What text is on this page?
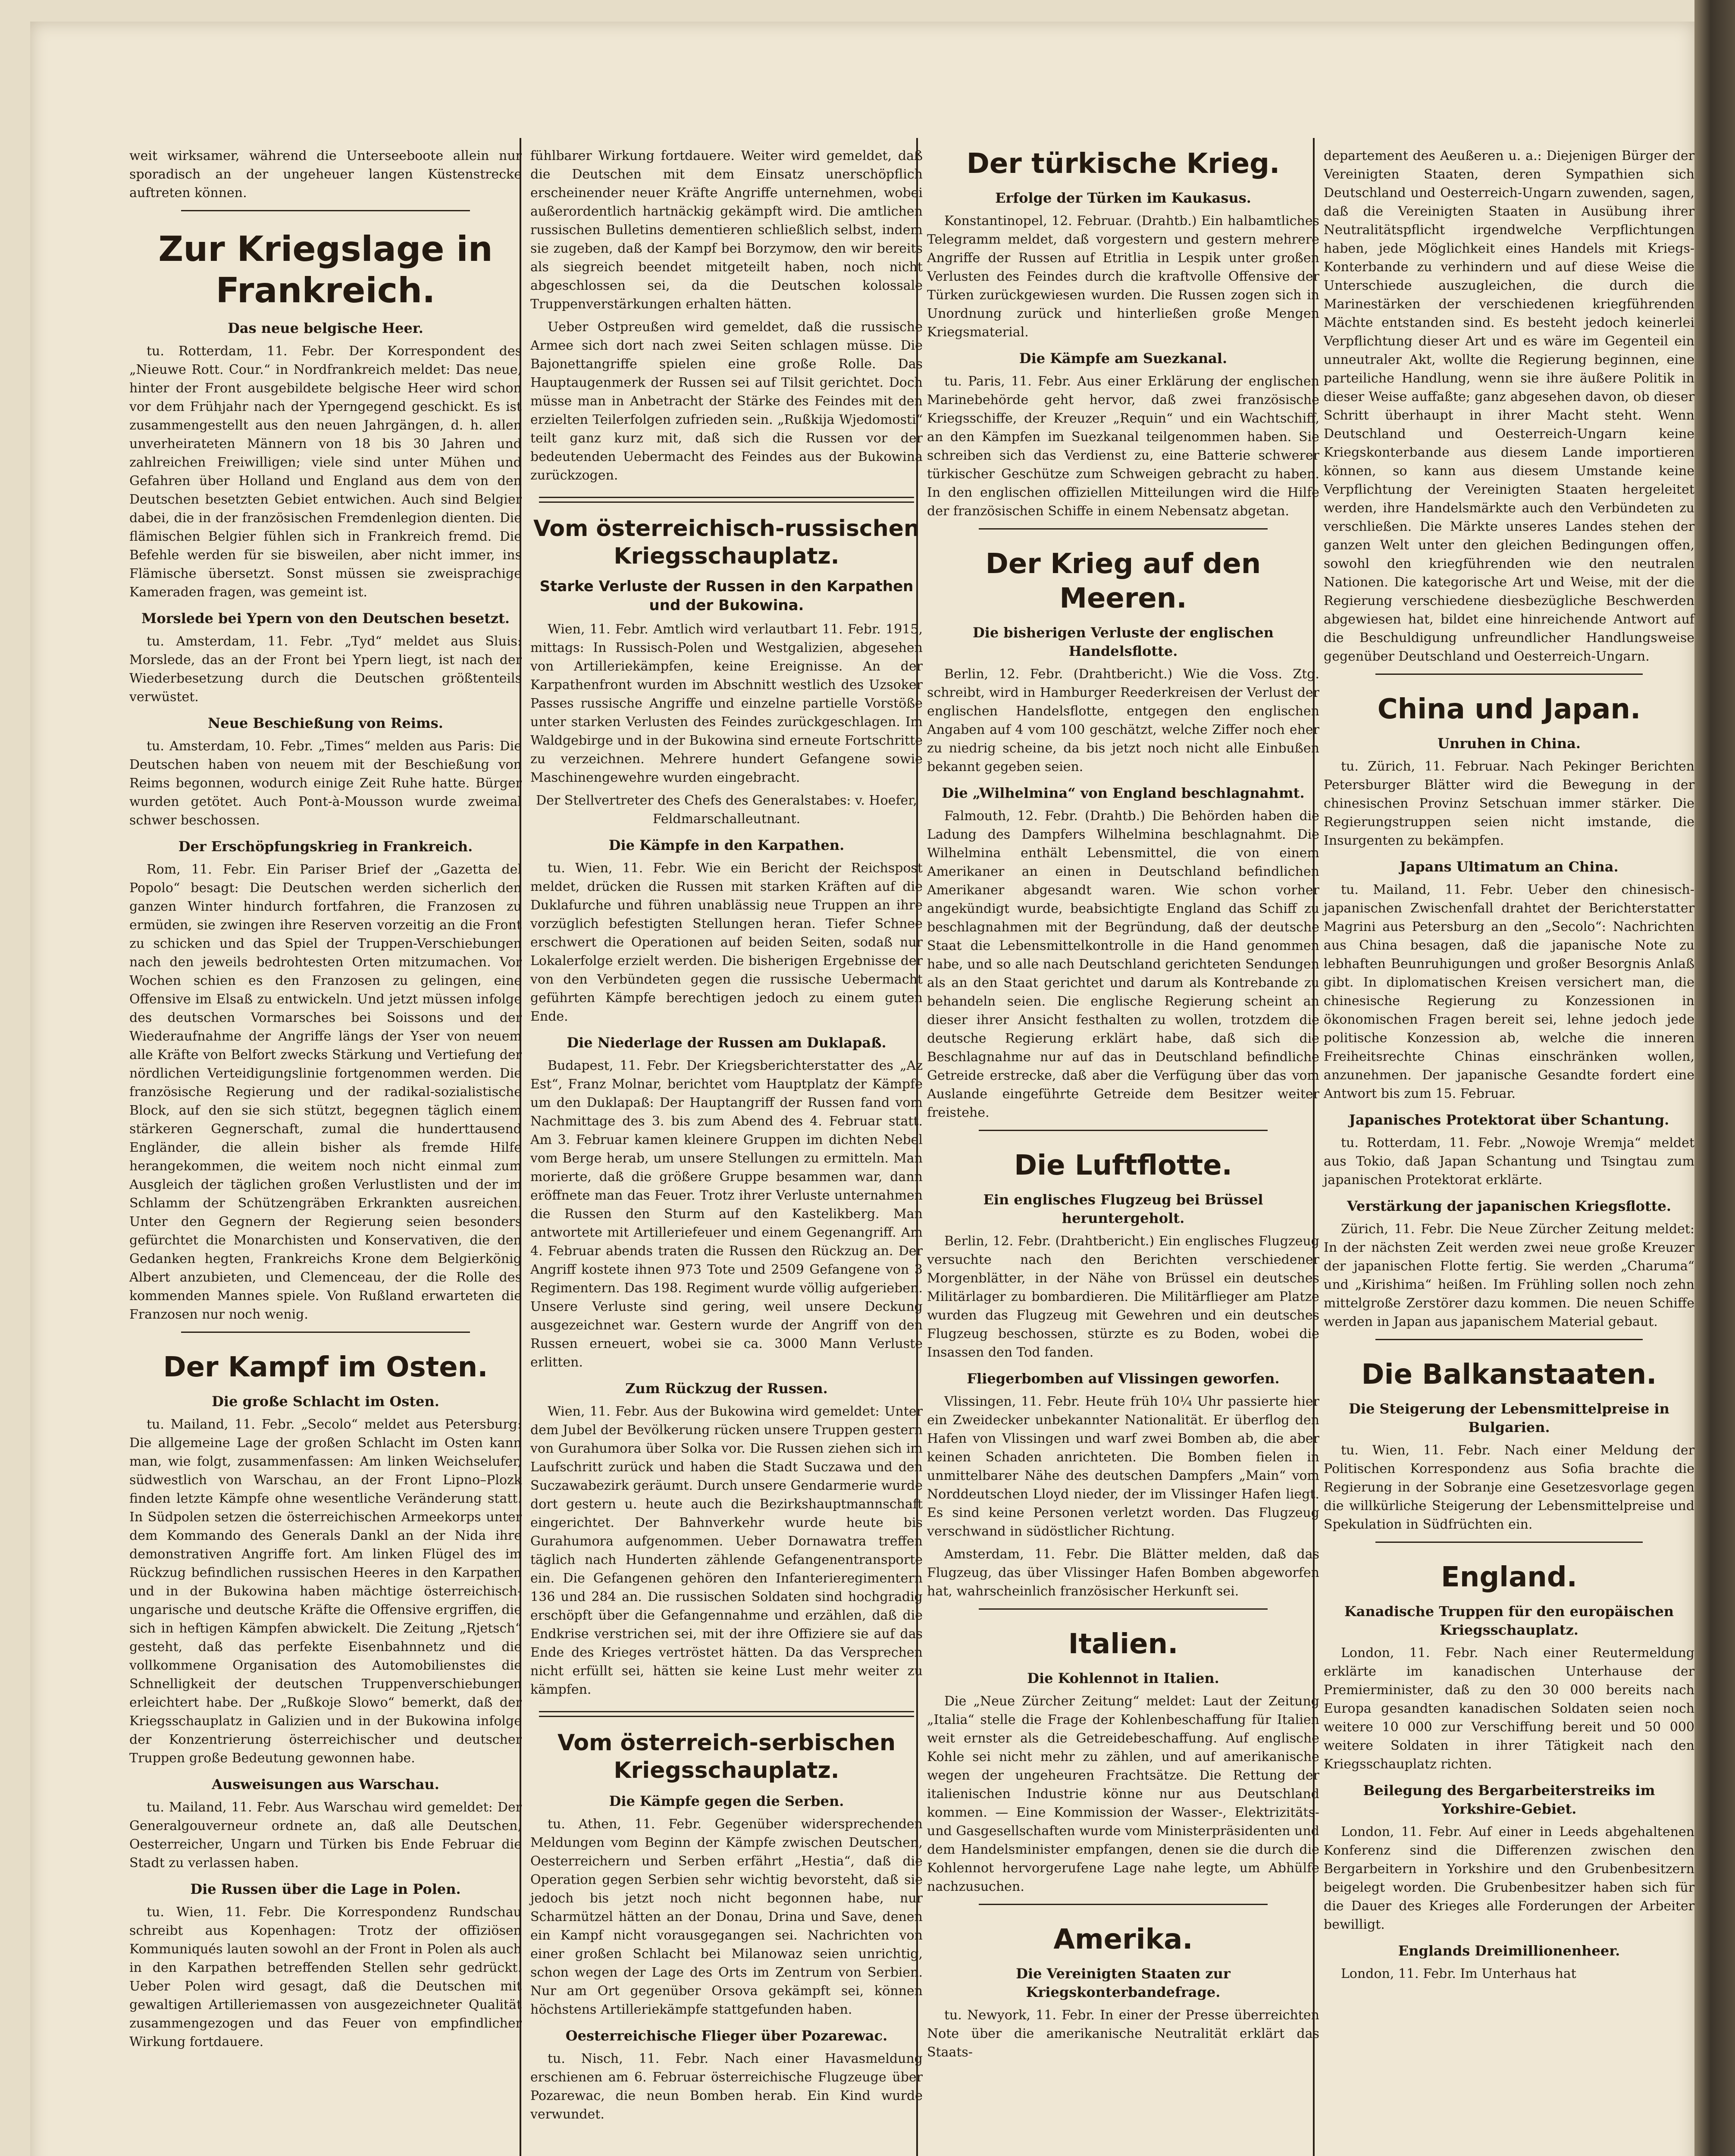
weit wirksamer, während die Unterseeboote allein nur sporadisch an der ungeheuer langen Küstenstrecke auftreten können.

Zur Kriegslage in Frankreich.
Das neue belgische Heer.

tu. Rotterdam, 11. Febr. Der Korrespondent des „Nieuwe Rott. Cour.“ in Nordfrankreich meldet: Das neue, hinter der Front ausgebildete belgische Heer wird schon vor dem Frühjahr nach der Yperngegend geschickt. Es ist zusammengestellt aus den neuen Jahrgängen, d. h. allen unverheirateten Männern von 18 bis 30 Jahren und zahlreichen Freiwilligen; viele sind unter Mühen und Gefahren über Holland und England aus dem von den Deutschen besetzten Gebiet entwichen. Auch sind Belgier dabei, die in der französischen Fremdenlegion dienten. Die flämischen Belgier fühlen sich in Frankreich fremd. Die Befehle werden für sie bisweilen, aber nicht immer, ins Flämische übersetzt. Sonst müssen sie zweisprachige Kameraden fragen, was gemeint ist.

Morslede bei Ypern von den Deutschen besetzt.

tu. Amsterdam, 11. Febr. „Tyd“ meldet aus Sluis: Morslede, das an der Front bei Ypern liegt, ist nach der Wiederbesetzung durch die Deutschen größtenteils verwüstet.

Neue Beschießung von Reims.

tu. Amsterdam, 10. Febr. „Times“ melden aus Paris: Die Deutschen haben von neuem mit der Beschießung von Reims begonnen, wodurch einige Zeit Ruhe hatte. Bürger wurden getötet. Auch Pont-à-Mousson wurde zweimal schwer beschossen.

Der Erschöpfungskrieg in Frankreich.

Rom, 11. Febr. Ein Pariser Brief der „Gazetta del Popolo“ besagt: Die Deutschen werden sicherlich den ganzen Winter hindurch fortfahren, die Franzosen zu ermüden, sie zwingen ihre Reserven vorzeitig an die Front zu schicken und das Spiel der Truppen-Verschiebungen nach den jeweils bedrohtesten Orten mitzumachen. Vor Wochen schien es den Franzosen zu gelingen, eine Offensive im Elsaß zu entwickeln. Und jetzt müssen infolge des deutschen Vormarsches bei Soissons und der Wiederaufnahme der Angriffe längs der Yser von neuem alle Kräfte von Belfort zwecks Stärkung und Vertiefung der nördlichen Verteidigungslinie fortgenommen werden. Die französische Regierung und der radikal-sozialistische Block, auf den sie sich stützt, begegnen täglich einem stärkeren Gegnerschaft, zumal die hunderttausend Engländer, die allein bisher als fremde Hilfe herangekommen, die weitem noch nicht einmal zum Ausgleich der täglichen großen Verlustlisten und der im Schlamm der Schützengräben Erkrankten ausreichen. Unter den Gegnern der Regierung seien besonders gefürchtet die Monarchisten und Konservativen, die den Gedanken hegten, Frankreichs Krone dem Belgierkönig Albert anzubieten, und Clemenceau, der die Rolle des kommenden Mannes spiele. Von Rußland erwarteten die Franzosen nur noch wenig.

Der Kampf im Osten.
Die große Schlacht im Osten.

tu. Mailand, 11. Febr. „Secolo“ meldet aus Petersburg: Die allgemeine Lage der großen Schlacht im Osten kann man, wie folgt, zusammenfassen: Am linken Weichselufer, südwestlich von Warschau, an der Front Lipno–Plozk finden letzte Kämpfe ohne wesentliche Veränderung statt. In Südpolen setzen die österreichischen Armeekorps unter dem Kommando des Generals Dankl an der Nida ihre demonstrativen Angriffe fort. Am linken Flügel des im Rückzug befindlichen russischen Heeres in den Karpathen und in der Bukowina haben mächtige österreichisch-ungarische und deutsche Kräfte die Offensive ergriffen, die sich in heftigen Kämpfen abwickelt. Die Zeitung „Rjetsch“ gesteht, daß das perfekte Eisenbahnnetz und die vollkommene Organisation des Automobilienstes die Schnelligkeit der deutschen Truppenverschiebungen erleichtert habe. Der „Rußkoje Slowo“ bemerkt, daß der Kriegsschauplatz in Galizien und in der Bukowina infolge der Konzentrierung österreichischer und deutscher Truppen große Bedeutung gewonnen habe.

Ausweisungen aus Warschau.

tu. Mailand, 11. Febr. Aus Warschau wird gemeldet: Der Generalgouverneur ordnete an, daß alle Deutschen, Oesterreicher, Ungarn und Türken bis Ende Februar die Stadt zu verlassen haben.

Die Russen über die Lage in Polen.

tu. Wien, 11. Febr. Die Korrespondenz Rundschau schreibt aus Kopenhagen: Trotz der offiziösen Kommuniqués lauten sowohl an der Front in Polen als auch in den Karpathen betreffenden Stellen sehr gedrückt. Ueber Polen wird gesagt, daß die Deutschen mit gewaltigen Artilleriemassen von ausgezeichneter Qualität zusammengezogen und das Feuer von empfindlicher Wirkung fortdauere.

fühlbarer Wirkung fortdauere. Weiter wird gemeldet, daß die Deutschen mit dem Einsatz unerschöpflich erscheinender neuer Kräfte Angriffe unternehmen, wobei außerordentlich hartnäckig gekämpft wird. Die amtlichen russischen Bulletins dementieren schließlich selbst, indem sie zugeben, daß der Kampf bei Borzymow, den wir bereits als siegreich beendet mitgeteilt haben, noch nicht abgeschlossen sei, da die Deutschen kolossale Truppenverstärkungen erhalten hätten.

Ueber Ostpreußen wird gemeldet, daß die russische Armee sich dort nach zwei Seiten schlagen müsse. Die Bajonettangriffe spielen eine große Rolle. Das Hauptaugenmerk der Russen sei auf Tilsit gerichtet. Doch müsse man in Anbetracht der Stärke des Feindes mit den erzielten Teilerfolgen zufrieden sein. „Rußkija Wjedomosti“ teilt ganz kurz mit, daß sich die Russen vor der bedeutenden Uebermacht des Feindes aus der Bukowina zurückzogen.

Vom österreichisch-russischen Kriegsschauplatz.
Starke Verluste der Russen in den Karpathen und der Bukowina.

Wien, 11. Febr. Amtlich wird verlautbart 11. Febr. 1915, mittags: In Russisch-Polen und Westgalizien, abgesehen von Artilleriekämpfen, keine Ereignisse. An der Karpathenfront wurden im Abschnitt westlich des Uzsoker Passes russische Angriffe und einzelne partielle Vorstöße unter starken Verlusten des Feindes zurückgeschlagen. Im Waldgebirge und in der Bukowina sind erneute Fortschritte zu verzeichnen. Mehrere hundert Gefangene sowie Maschinengewehre wurden eingebracht.

Der Stellvertreter des Chefs des Generalstabes: v. Hoefer, Feldmarschalleutnant.

Die Kämpfe in den Karpathen.

tu. Wien, 11. Febr. Wie ein Bericht der Reichspost meldet, drücken die Russen mit starken Kräften auf die Duklafurche und führen unablässig neue Truppen an ihre vorzüglich befestigten Stellungen heran. Tiefer Schnee erschwert die Operationen auf beiden Seiten, sodaß nur Lokalerfolge erzielt werden. Die bisherigen Ergebnisse der von den Verbündeten gegen die russische Uebermacht geführten Kämpfe berechtigen jedoch zu einem guten Ende.

Die Niederlage der Russen am Duklapaß.

Budapest, 11. Febr. Der Kriegsberichterstatter des „Az Est“, Franz Molnar, berichtet vom Hauptplatz der Kämpfe um den Duklapaß: Der Hauptangriff der Russen fand vom Nachmittage des 3. bis zum Abend des 4. Februar statt. Am 3. Februar kamen kleinere Gruppen im dichten Nebel vom Berge herab, um unsere Stellungen zu ermitteln. Man morierte, daß die größere Gruppe besammen war, dann eröffnete man das Feuer. Trotz ihrer Verluste unternahmen die Russen den Sturm auf den Kastelikberg. Man antwortete mit Artilleriefeuer und einem Gegenangriff. Am 4. Februar abends traten die Russen den Rückzug an. Der Angriff kostete ihnen 973 Tote und 2509 Gefangene von 3 Regimentern. Das 198. Regiment wurde völlig aufgerieben. Unsere Verluste sind gering, weil unsere Deckung ausgezeichnet war. Gestern wurde der Angriff von den Russen erneuert, wobei sie ca. 3000 Mann Verluste erlitten.

Zum Rückzug der Russen.

Wien, 11. Febr. Aus der Bukowina wird gemeldet: Unter dem Jubel der Bevölkerung rücken unsere Truppen gestern von Gurahumora über Solka vor. Die Russen ziehen sich im Laufschritt zurück und haben die Stadt Suczawa und den Suczawabezirk geräumt. Durch unsere Gendarmerie wurde dort gestern u. heute auch die Bezirkshauptmannschaft eingerichtet. Der Bahnverkehr wurde heute bis Gurahumora aufgenommen. Ueber Dornawatra treffen täglich nach Hunderten zählende Gefangenentransporte ein. Die Gefangenen gehören den Infanterieregimentern 136 und 284 an. Die russischen Soldaten sind hochgradig erschöpft über die Gefangennahme und erzählen, daß die Endkrise verstrichen sei, mit der ihre Offiziere sie auf das Ende des Krieges vertröstet hätten. Da das Versprechen nicht erfüllt sei, hätten sie keine Lust mehr weiter zu kämpfen.

Vom österreich-serbischen Kriegsschauplatz.
Die Kämpfe gegen die Serben.

tu. Athen, 11. Febr. Gegenüber widersprechenden Meldungen vom Beginn der Kämpfe zwischen Deutschen, Oesterreichern und Serben erfährt „Hestia“, daß die Operation gegen Serbien sehr wichtig bevorsteht, daß sie jedoch bis jetzt noch nicht begonnen habe, nur Scharmützel hätten an der Donau, Drina und Save, denen ein Kampf nicht vorausgegangen sei. Nachrichten von einer großen Schlacht bei Milanowaz seien unrichtig, schon wegen der Lage des Orts im Zentrum von Serbien. Nur am Ort gegenüber Orsova gekämpft sei, können höchstens Artilleriekämpfe stattgefunden haben.

Oesterreichische Flieger über Pozarewac.

tu. Nisch, 11. Febr. Nach einer Havasmeldung erschienen am 6. Februar österreichische Flugzeuge über Pozarewac, die neun Bomben herab. Ein Kind wurde verwundet.

Der türkische Krieg.
Erfolge der Türken im Kaukasus.

Konstantinopel, 12. Februar. (Drahtb.) Ein halbamtliches Telegramm meldet, daß vorgestern und gestern mehrere Angriffe der Russen auf Etritlia in Lespik unter großen Verlusten des Feindes durch die kraftvolle Offensive der Türken zurückgewiesen wurden. Die Russen zogen sich in Unordnung zurück und hinterließen große Mengen Kriegsmaterial.

Die Kämpfe am Suezkanal.

tu. Paris, 11. Febr. Aus einer Erklärung der englischen Marinebehörde geht hervor, daß zwei französische Kriegsschiffe, der Kreuzer „Requin“ und ein Wachtschiff, an den Kämpfen im Suezkanal teilgenommen haben. Sie schreiben sich das Verdienst zu, eine Batterie schwerer türkischer Geschütze zum Schweigen gebracht zu haben. In den englischen offiziellen Mitteilungen wird die Hilfe der französischen Schiffe in einem Nebensatz abgetan.

Der Krieg auf den Meeren.
Die bisherigen Verluste der englischen Handelsflotte.

Berlin, 12. Febr. (Drahtbericht.) Wie die Voss. Ztg. schreibt, wird in Hamburger Reederkreisen der Verlust der englischen Handelsflotte, entgegen den englischen Angaben auf 4 vom 100 geschätzt, welche Ziffer noch eher zu niedrig scheine, da bis jetzt noch nicht alle Einbußen bekannt gegeben seien.

Die „Wilhelmina“ von England beschlagnahmt.

Falmouth, 12. Febr. (Drahtb.) Die Behörden haben die Ladung des Dampfers Wilhelmina beschlagnahmt. Die Wilhelmina enthält Lebensmittel, die von einem Amerikaner an einen in Deutschland befindlichen Amerikaner abgesandt waren. Wie schon vorher angekündigt wurde, beabsichtigte England das Schiff zu beschlagnahmen mit der Begründung, daß der deutsche Staat die Lebensmittelkontrolle in die Hand genommen habe, und so alle nach Deutschland gerichteten Sendungen als an den Staat gerichtet und darum als Kontrebande zu behandeln seien. Die englische Regierung scheint an dieser ihrer Ansicht festhalten zu wollen, trotzdem die deutsche Regierung erklärt habe, daß sich die Beschlagnahme nur auf das in Deutschland befindliche Getreide erstrecke, daß aber die Verfügung über das vom Auslande eingeführte Getreide dem Besitzer weiter freistehe.

Die Luftflotte.
Ein englisches Flugzeug bei Brüssel heruntergeholt.

Berlin, 12. Febr. (Drahtbericht.) Ein englisches Flugzeug versuchte nach den Berichten verschiedener Morgenblätter, in der Nähe von Brüssel ein deutsches Militärlager zu bombardieren. Die Militärflieger am Platze wurden das Flugzeug mit Gewehren und ein deutsches Flugzeug beschossen, stürzte es zu Boden, wobei die Insassen den Tod fanden.

Fliegerbomben auf Vlissingen geworfen.

Vlissingen, 11. Febr. Heute früh 10¼ Uhr passierte hier ein Zweidecker unbekannter Nationalität. Er überflog den Hafen von Vlissingen und warf zwei Bomben ab, die aber keinen Schaden anrichteten. Die Bomben fielen in unmittelbarer Nähe des deutschen Dampfers „Main“ vom Norddeutschen Lloyd nieder, der im Vlissinger Hafen liegt. Es sind keine Personen verletzt worden. Das Flugzeug verschwand in südöstlicher Richtung.

Amsterdam, 11. Febr. Die Blätter melden, daß das Flugzeug, das über Vlissinger Hafen Bomben abgeworfen hat, wahrscheinlich französischer Herkunft sei.

Italien.
Die Kohlennot in Italien.

Die „Neue Zürcher Zeitung“ meldet: Laut der Zeitung „Italia“ stelle die Frage der Kohlenbeschaffung für Italien weit ernster als die Getreidebeschaffung. Auf englische Kohle sei nicht mehr zu zählen, und auf amerikanische wegen der ungeheuren Frachtsätze. Die Rettung der italienischen Industrie könne nur aus Deutschland kommen. — Eine Kommission der Wasser-, Elektrizitäts- und Gasgesellschaften wurde vom Ministerpräsidenten und dem Handelsminister empfangen, denen sie die durch die Kohlennot hervorgerufene Lage nahe legte, um Abhülfe nachzusuchen.

Amerika.
Die Vereinigten Staaten zur Kriegskonterbandefrage.

tu. Newyork, 11. Febr. In einer der Presse überreichten Note über die amerikanische Neutralität erklärt das Staats-

departement des Aeußeren u. a.: Diejenigen Bürger der Vereinigten Staaten, deren Sympathien sich Deutschland und Oesterreich-Ungarn zuwenden, sagen, daß die Vereinigten Staaten in Ausübung ihrer Neutralitätspflicht irgendwelche Verpflichtungen haben, jede Möglichkeit eines Handels mit Kriegs-Konterbande zu verhindern und auf diese Weise die Unterschiede auszugleichen, die durch die Marinestärken der verschiedenen kriegführenden Mächte entstanden sind. Es besteht jedoch keinerlei Verpflichtung dieser Art und es wäre im Gegenteil ein unneutraler Akt, wollte die Regierung beginnen, eine parteiliche Handlung, wenn sie ihre äußere Politik in dieser Weise auffaßte; ganz abgesehen davon, ob dieser Schritt überhaupt in ihrer Macht steht. Wenn Deutschland und Oesterreich-Ungarn keine Kriegskonterbande aus diesem Lande importieren können, so kann aus diesem Umstande keine Verpflichtung der Vereinigten Staaten hergeleitet werden, ihre Handelsmärkte auch den Verbündeten zu verschließen. Die Märkte unseres Landes stehen der ganzen Welt unter den gleichen Bedingungen offen, sowohl den kriegführenden wie den neutralen Nationen. Die kategorische Art und Weise, mit der die Regierung verschiedene diesbezügliche Beschwerden abgewiesen hat, bildet eine hinreichende Antwort auf die Beschuldigung unfreundlicher Handlungsweise gegenüber Deutschland und Oesterreich-Ungarn.

China und Japan.
Unruhen in China.

tu. Zürich, 11. Februar. Nach Pekinger Berichten Petersburger Blätter wird die Bewegung in der chinesischen Provinz Setschuan immer stärker. Die Regierungstruppen seien nicht imstande, die Insurgenten zu bekämpfen.

Japans Ultimatum an China.

tu. Mailand, 11. Febr. Ueber den chinesisch-japanischen Zwischenfall drahtet der Berichterstatter Magrini aus Petersburg an den „Secolo“: Nachrichten aus China besagen, daß die japanische Note zu lebhaften Beunruhigungen und großer Besorgnis Anlaß gibt. In diplomatischen Kreisen versichert man, die chinesische Regierung zu Konzessionen in ökonomischen Fragen bereit sei, lehne jedoch jede politische Konzession ab, welche die inneren Freiheitsrechte Chinas einschränken wollen, anzunehmen. Der japanische Gesandte fordert eine Antwort bis zum 15. Februar.

Japanisches Protektorat über Schantung.

tu. Rotterdam, 11. Febr. „Nowoje Wremja“ meldet aus Tokio, daß Japan Schantung und Tsingtau zum japanischen Protektorat erklärte.

Verstärkung der japanischen Kriegsflotte.

Zürich, 11. Febr. Die Neue Zürcher Zeitung meldet: In der nächsten Zeit werden zwei neue große Kreuzer der japanischen Flotte fertig. Sie werden „Charuma“ und „Kirishima“ heißen. Im Frühling sollen noch zehn mittelgroße Zerstörer dazu kommen. Die neuen Schiffe werden in Japan aus japanischem Material gebaut.

Die Balkanstaaten.
Die Steigerung der Lebensmittelpreise in Bulgarien.

tu. Wien, 11. Febr. Nach einer Meldung der Politischen Korrespondenz aus Sofia brachte die Regierung in der Sobranje eine Gesetzesvorlage gegen die willkürliche Steigerung der Lebensmittelpreise und Spekulation in Südfrüchten ein.

England.
Kanadische Truppen für den europäischen Kriegsschauplatz.

London, 11. Febr. Nach einer Reutermeldung erklärte im kanadischen Unterhause der Premierminister, daß zu den 30 000 bereits nach Europa gesandten kanadischen Soldaten seien noch weitere 10 000 zur Verschiffung bereit und 50 000 weitere Soldaten in ihrer Tätigkeit nach den Kriegsschauplatz richten.

Beilegung des Bergarbeiterstreiks im Yorkshire-Gebiet.

London, 11. Febr. Auf einer in Leeds abgehaltenen Konferenz sind die Differenzen zwischen den Bergarbeitern in Yorkshire und den Grubenbesitzern beigelegt worden. Die Grubenbesitzer haben sich für die Dauer des Krieges alle Forderungen der Arbeiter bewilligt.

Englands Dreimillionenheer.

London, 11. Febr. Im Unterhaus hat
